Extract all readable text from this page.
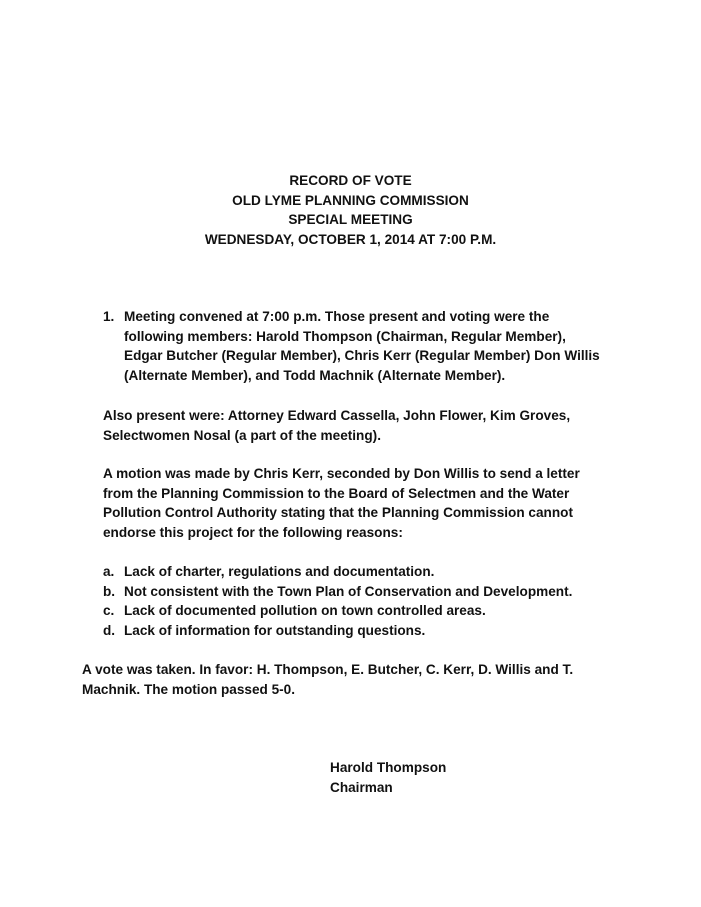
RECORD OF VOTE
OLD LYME PLANNING COMMISSION
SPECIAL MEETING
WEDNESDAY, OCTOBER 1, 2014 AT 7:00 P.M.
1. Meeting convened at 7:00 p.m. Those present and voting were the
following members: Harold Thompson (Chairman, Regular Member),
Edgar Butcher (Regular Member), Chris Kerr (Regular Member) Don Willis
(Alternate Member), and Todd Machnik (Alternate Member).
Also present were: Attorney Edward Cassella, John Flower, Kim Groves,
Selectwomen Nosal (a part of the meeting).
A motion was made by Chris Kerr, seconded by Don Willis to send a letter
from the Planning Commission to the Board of Selectmen and the Water
Pollution Control Authority stating that the Planning Commission cannot
endorse this project for the following reasons:
a. Lack of charter, regulations and documentation.
b. Not consistent with the Town Plan of Conservation and Development.
c. Lack of documented pollution on town controlled areas.
d. Lack of information for outstanding questions.
A vote was taken. In favor: H. Thompson, E. Butcher, C. Kerr, D. Willis and T.
Machnik. The motion passed 5-0.
Harold Thompson
Chairman
